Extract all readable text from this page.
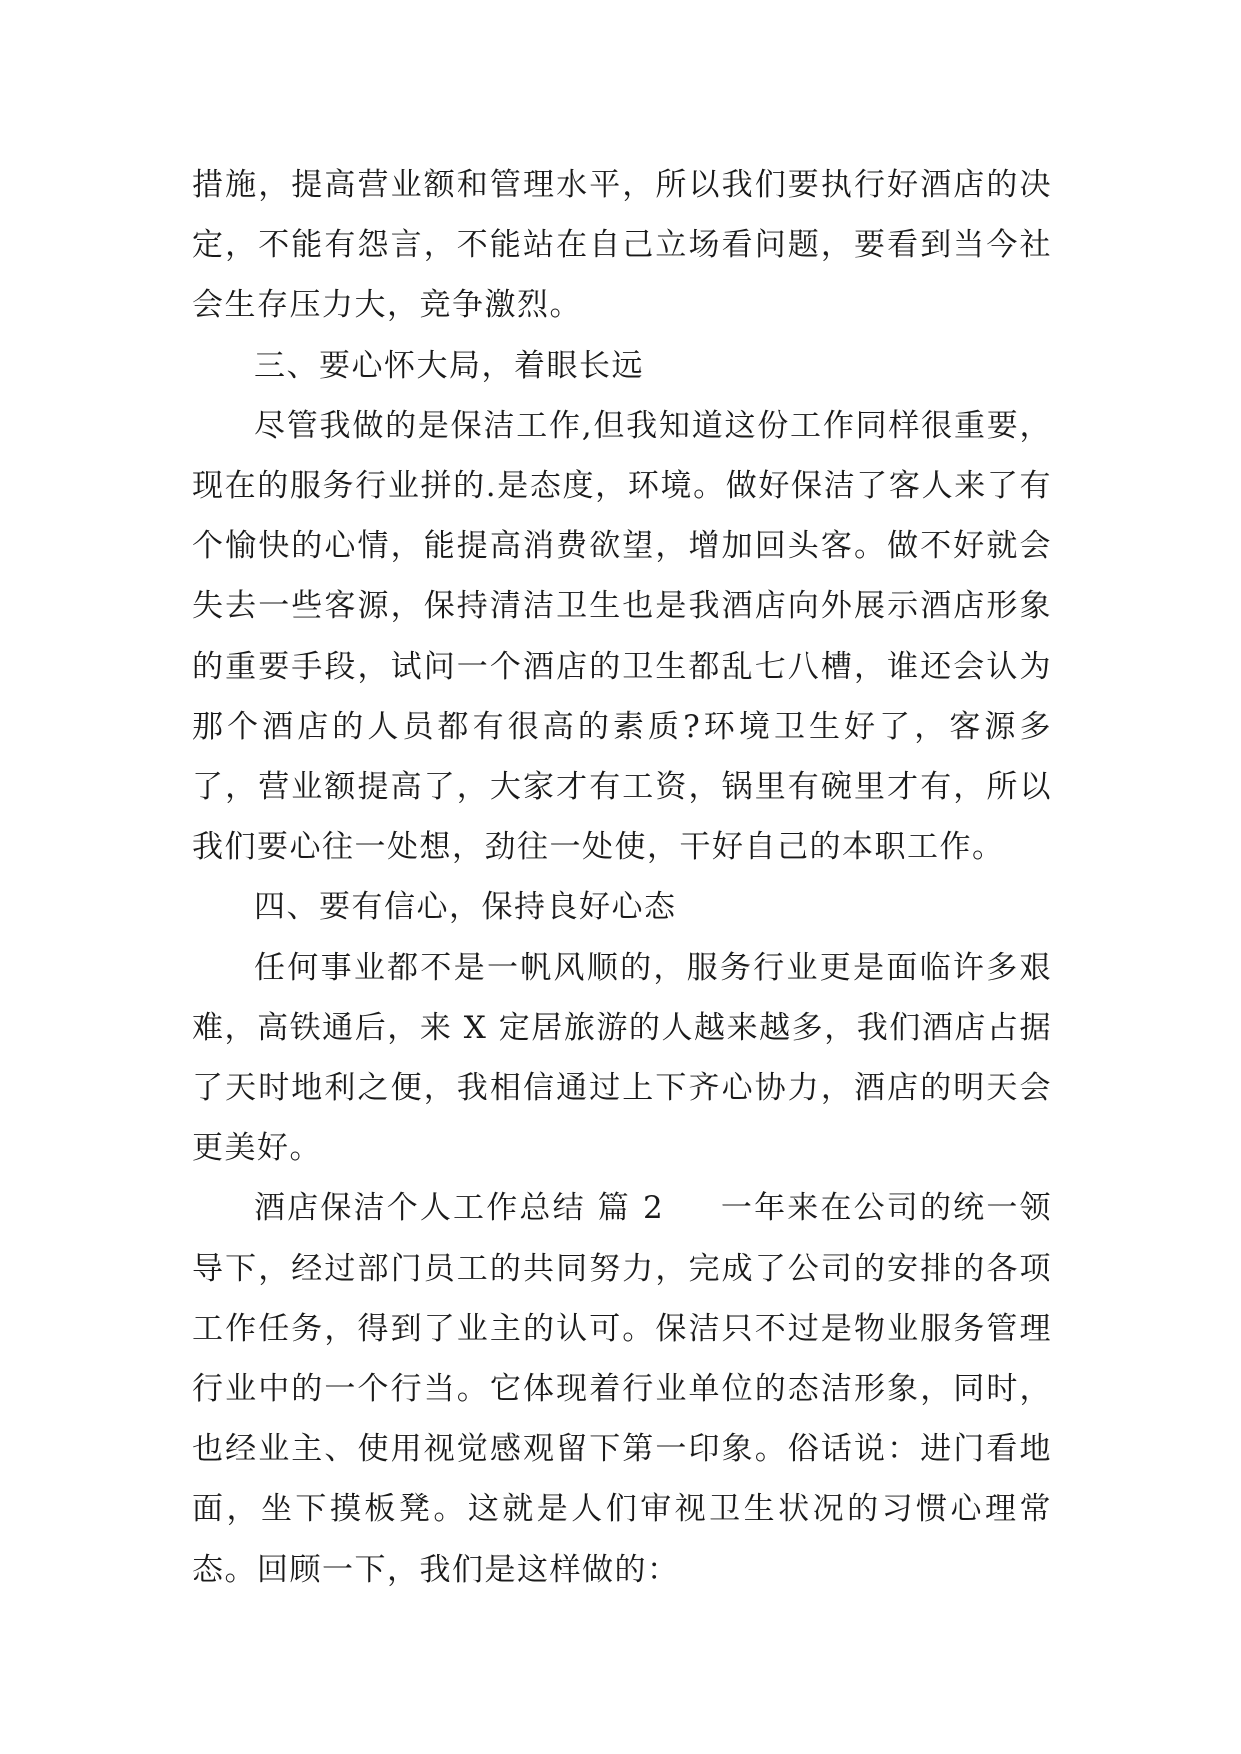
措施，提高营业额和管理水平，所以我们要执行好酒店的决定，不能有怨言，不能站在自己立场看问题，要看到当今社会生存压力大，竞争激烈。

三、要心怀大局，着眼长远

尽管我做的是保洁工作,但我知道这份工作同样很重要，现在的服务行业拼的.是态度，环境。做好保洁了客人来了有个愉快的心情，能提高消费欲望，增加回头客。做不好就会失去一些客源，保持清洁卫生也是我酒店向外展示酒店形象的重要手段，试问一个酒店的卫生都乱七八槽，谁还会认为那个酒店的人员都有很高的素质?环境卫生好了，客源多了，营业额提高了，大家才有工资，锅里有碗里才有，所以我们要心往一处想，劲往一处使，干好自己的本职工作。

四、要有信心，保持良好心态

任何事业都不是一帆风顺的，服务行业更是面临许多艰难，高铁通后，来 X 定居旅游的人越来越多，我们酒店占据了天时地利之便，我相信通过上下齐心协力，酒店的明天会更美好。

酒店保洁个人工作总结 篇 2 一年来在公司的统一领导下，经过部门员工的共同努力，完成了公司的安排的各项工作任务，得到了业主的认可。保洁只不过是物业服务管理行业中的一个行当。它体现着行业单位的态洁形象，同时，也经业主、使用视觉感观留下第一印象。俗话说：进门看地面，坐下摸板凳。这就是人们审视卫生状况的习惯心理常态。回顾一下，我们是这样做的：
